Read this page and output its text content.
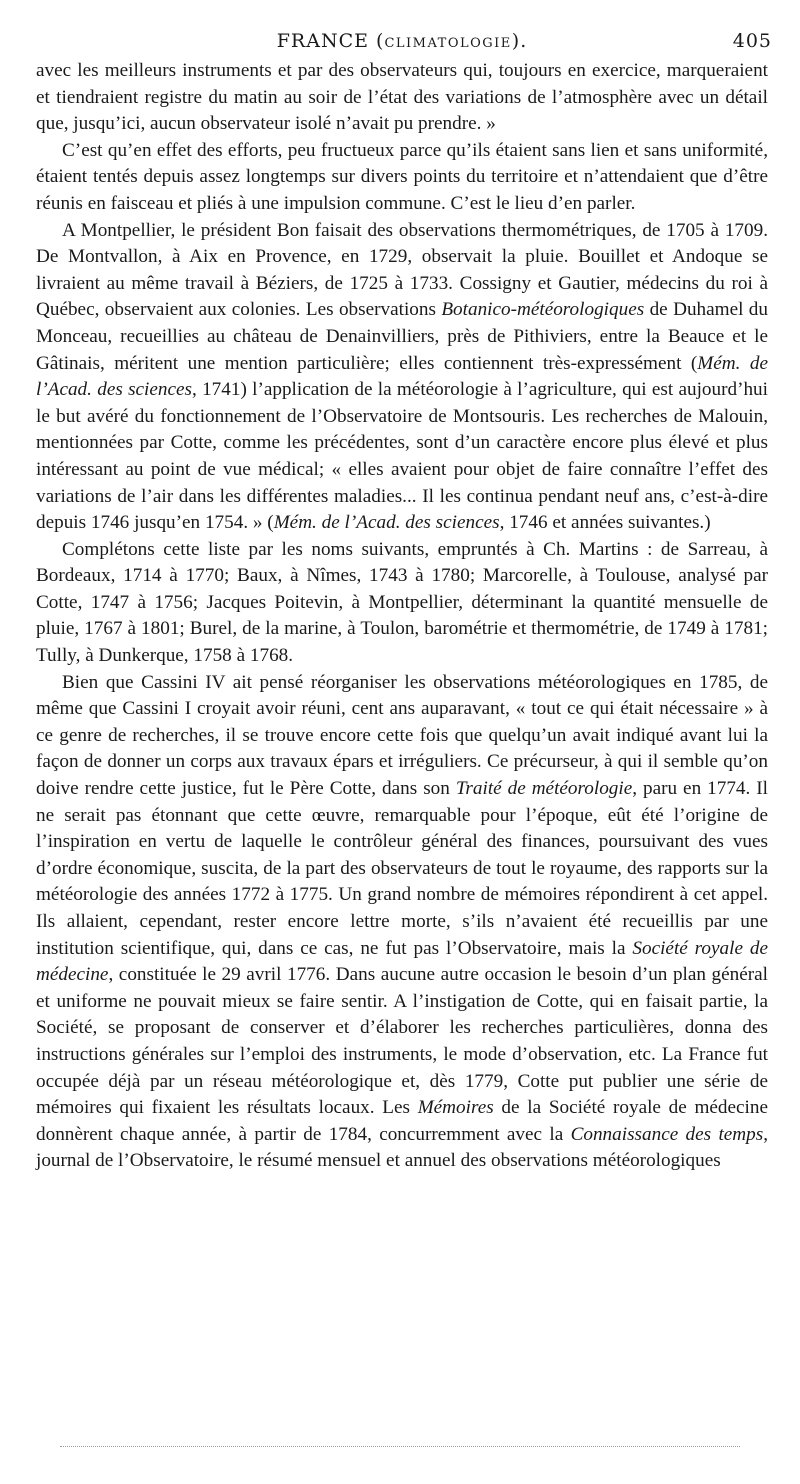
FRANCE (CLIMATOLOGIE).	405

avec les meilleurs instruments et par des observateurs qui, toujours en exercice, marqueraient et tiendraient registre du matin au soir de l’état des variations de l’atmosphère avec un détail que, jusqu’ici, aucun observateur isolé n’avait pu prendre. »

C’est qu’en effet des efforts, peu fructueux parce qu’ils étaient sans lien et sans uniformité, étaient tentés depuis assez longtemps sur divers points du territoire et n’attendaient que d’être réunis en faisceau et pliés à une impulsion commune. C’est le lieu d’en parler.

A Montpellier, le président Bon faisait des observations thermométriques, de 1705 à 1709. De Montvallon, à Aix en Provence, en 1729, observait la pluie. Bouillet et Andoque se livraient au même travail à Béziers, de 1725 à 1733. Cossigny et Gautier, médecins du roi à Québec, observaient aux colonies. Les observations Botanico-météorologiques de Duhamel du Monceau, recueillies au château de Denainvilliers, près de Pithiviers, entre la Beauce et le Gâtinais, méritent une mention particulière; elles contiennent très-expressément (Mém. de l’Acad. des sciences, 1741) l’application de la météorologie à l’agriculture, qui est aujourd’hui le but avéré du fonctionnement de l’Observatoire de Montsouris. Les recherches de Malouin, mentionnées par Cotte, comme les précédentes, sont d’un caractère encore plus élevé et plus intéressant au point de vue médical; « elles avaient pour objet de faire connaître l’effet des variations de l’air dans les différentes maladies... Il les continua pendant neuf ans, c’est-à-dire depuis 1746 jusqu’en 1754. » (Mém. de l’Acad. des sciences, 1746 et années suivantes.)

Complétons cette liste par les noms suivants, empruntés à Ch. Martins : de Sarreau, à Bordeaux, 1714 à 1770; Baux, à Nîmes, 1743 à 1780; Marcorelle, à Toulouse, analysé par Cotte, 1747 à 1756; Jacques Poitevin, à Montpellier, déterminant la quantité mensuelle de pluie, 1767 à 1801; Burel, de la marine, à Toulon, barométrie et thermométrie, de 1749 à 1781; Tully, à Dunkerque, 1758 à 1768.

Bien que Cassini IV ait pensé réorganiser les observations météorologiques en 1785, de même que Cassini I croyait avoir réuni, cent ans auparavant, « tout ce qui était nécessaire » à ce genre de recherches, il se trouve encore cette fois que quelqu’un avait indiqué avant lui la façon de donner un corps aux travaux épars et irréguliers. Ce précurseur, à qui il semble qu’on doive rendre cette justice, fut le Père Cotte, dans son Traité de météorologie, paru en 1774. Il ne serait pas étonnant que cette œuvre, remarquable pour l’époque, eût été l’origine de l’inspiration en vertu de laquelle le contrôleur général des finances, poursuivant des vues d’ordre économique, suscita, de la part des observateurs de tout le royaume, des rapports sur la météorologie des années 1772 à 1775. Un grand nombre de mémoires répondirent à cet appel. Ils allaient, cependant, rester encore lettre morte, s’ils n’avaient été recueillis par une institution scientifique, qui, dans ce cas, ne fut pas l’Observatoire, mais la Société royale de médecine, constituée le 29 avril 1776. Dans aucune autre occasion le besoin d’un plan général et uniforme ne pouvait mieux se faire sentir. A l’instigation de Cotte, qui en faisait partie, la Société, se proposant de conserver et d’élaborer les recherches particulières, donna des instructions générales sur l’emploi des instruments, le mode d’observation, etc. La France fut occupée déjà par un réseau météorologique et, dès 1779, Cotte put publier une série de mémoires qui fixaient les résultats locaux. Les Mémoires de la Société royale de médecine donnèrent chaque année, à partir de 1784, concurremment avec la Connaissance des temps, journal de l’Observatoire, le résumé mensuel et annuel des observations météorologiques
